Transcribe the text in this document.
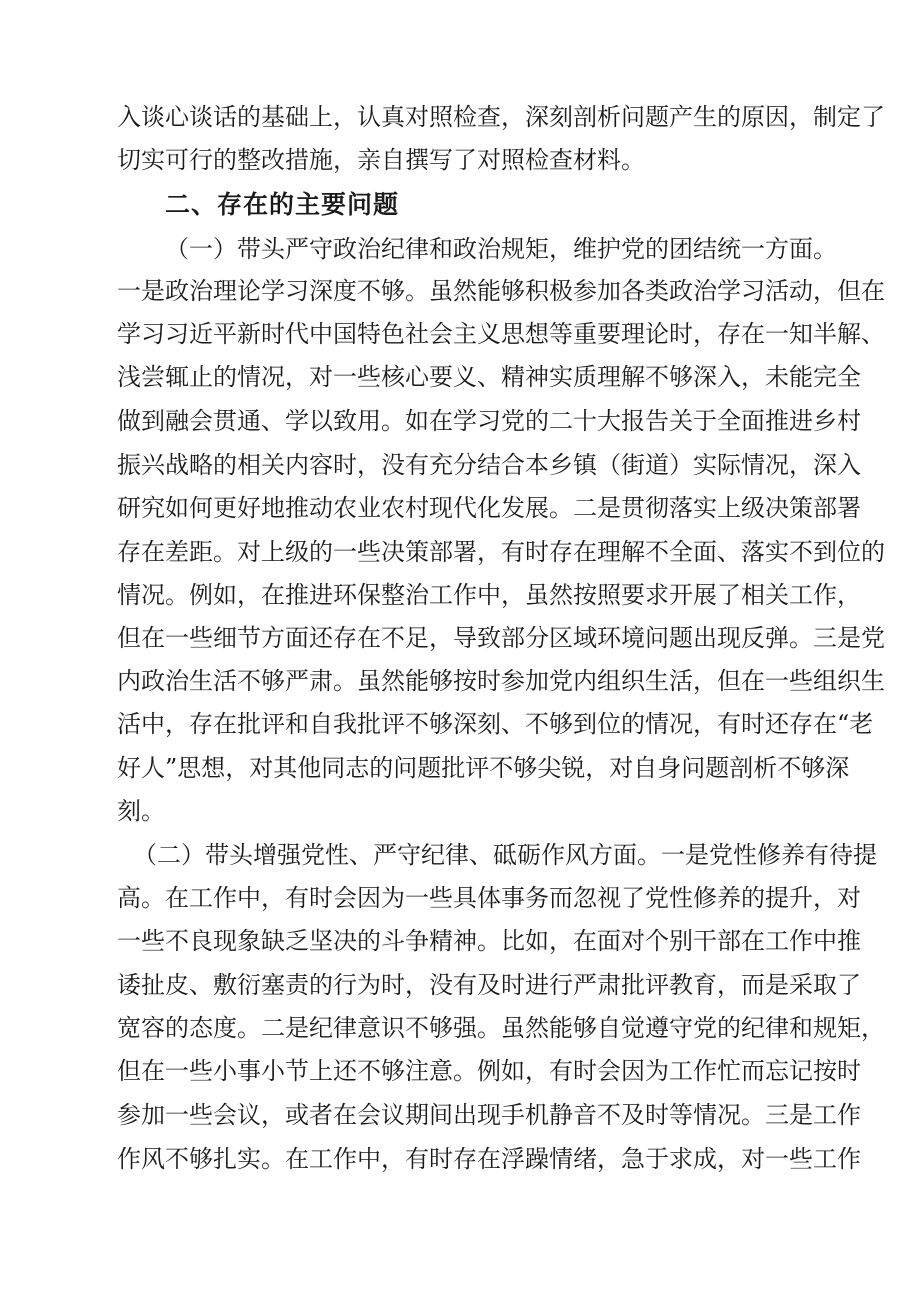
入谈心谈话的基础上，认真对照检查，深刻剖析问题产生的原因，制定了
切实可行的整改措施，亲自撰写了对照检查材料。
二、存在的主要问题
（一）带头严守政治纪律和政治规矩，维护党的团结统一方面。
一是政治理论学习深度不够。虽然能够积极参加各类政治学习活动，但在
学习习近平新时代中国特色社会主义思想等重要理论时，存在一知半解、
浅尝辄止的情况，对一些核心要义、精神实质理解不够深入，未能完全
做到融会贯通、学以致用。如在学习党的二十大报告关于全面推进乡村
振兴战略的相关内容时，没有充分结合本乡镇（街道）实际情况，深入
研究如何更好地推动农业农村现代化发展。二是贯彻落实上级决策部署
存在差距。对上级的一些决策部署，有时存在理解不全面、落实不到位的
情况。例如，在推进环保整治工作中，虽然按照要求开展了相关工作，
但在一些细节方面还存在不足，导致部分区域环境问题出现反弹。三是党
内政治生活不够严肃。虽然能够按时参加党内组织生活，但在一些组织生
活中，存在批评和自我批评不够深刻、不够到位的情况，有时还存在“老
好人”思想，对其他同志的问题批评不够尖锐，对自身问题剖析不够深
刻。
（二）带头增强党性、严守纪律、砥砺作风方面。一是党性修养有待提
高。在工作中，有时会因为一些具体事务而忽视了党性修养的提升，对
一些不良现象缺乏坚决的斗争精神。比如，在面对个别干部在工作中推
诿扯皮、敷衍塞责的行为时，没有及时进行严肃批评教育，而是采取了
宽容的态度。二是纪律意识不够强。虽然能够自觉遵守党的纪律和规矩，
但在一些小事小节上还不够注意。例如，有时会因为工作忙而忘记按时
参加一些会议，或者在会议期间出现手机静音不及时等情况。三是工作
作风不够扎实。在工作中，有时存在浮躁情绪，急于求成，对一些工作
